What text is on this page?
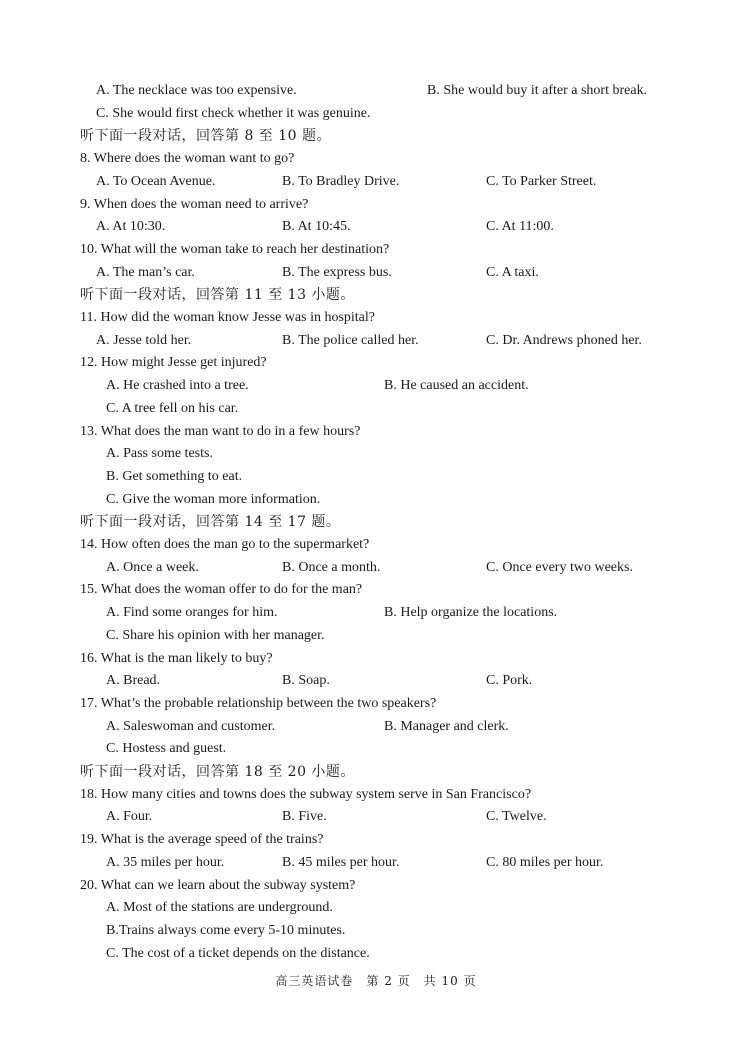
A. The necklace was too expensive.	B. She would buy it after a short break.
C. She would first check whether it was genuine.
听下面一段对话，回答第 8 至 10 题。
8. Where does the woman want to go?
A. To Ocean Avenue.	B. To Bradley Drive.	C. To Parker Street.
9. When does the woman need to arrive?
A. At 10:30.	B. At 10:45.	C. At 11:00.
10. What will the woman take to reach her destination?
A. The man’s car.	B. The express bus.	C. A taxi.
听下面一段对话，回答第 11 至 13 小题。
11. How did the woman know Jesse was in hospital?
A. Jesse told her.	B. The police called her.	C. Dr. Andrews phoned her.
12. How might Jesse get injured?
A. He crashed into a tree.	B. He caused an accident.
C. A tree fell on his car.
13. What does the man want to do in a few hours?
A. Pass some tests.
B. Get something to eat.
C. Give the woman more information.
听下面一段对话，回答第 14 至 17 题。
14. How often does the man go to the supermarket?
A. Once a week.	B. Once a month.	C. Once every two weeks.
15. What does the woman offer to do for the man?
A. Find some oranges for him.	B. Help organize the locations.
C. Share his opinion with her manager.
16. What is the man likely to buy?
A. Bread.	B. Soap.	C. Pork.
17. What’s the probable relationship between the two speakers?
A. Saleswoman and customer.	B. Manager and clerk.
C. Hostess and guest.
听下面一段对话，回答第 18 至 20 小题。
18. How many cities and towns does the subway system serve in San Francisco?
A. Four.	B. Five.	C. Twelve.
19. What is the average speed of the trains?
A. 35 miles per hour.	B. 45 miles per hour.	C. 80 miles per hour.
20. What can we learn about the subway system?
A. Most of the stations are underground.
B.Trains always come every 5-10 minutes.
C. The cost of a ticket depends on the distance.
高三英语试卷　第 2 页　共 10 页
